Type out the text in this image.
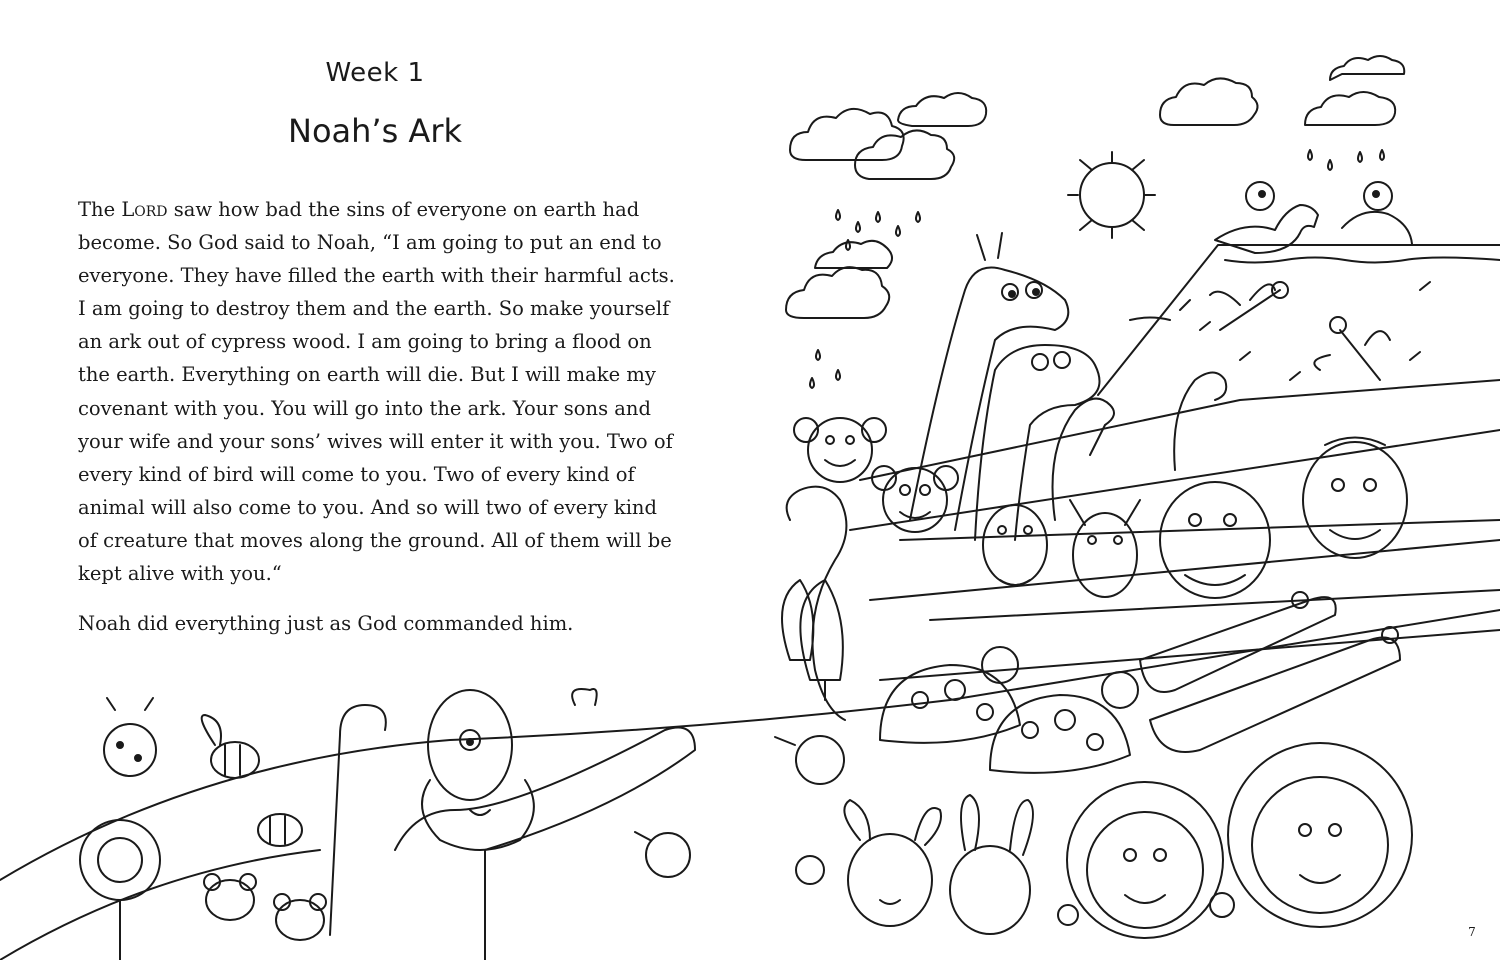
Week 1
Noah’s Ark

The Lord saw how bad the sins of everyone on earth had become. So God said to Noah, “I am going to put an end to everyone. They have filled the earth with their harmful acts. I am going to destroy them and the earth. So make yourself an ark out of cypress wood. I am going to bring a flood on the earth. Everything on earth will die. But I will make my covenant with you. You will go into the ark. Your sons and your wife and your sons’ wives will enter it with you. Two of every kind of bird will come to you. Two of every kind of animal will also come to you. And so will two of every kind of creature that moves along the ground. All of them will be kept alive with you.“

Noah did everything just as God commanded him.

7
